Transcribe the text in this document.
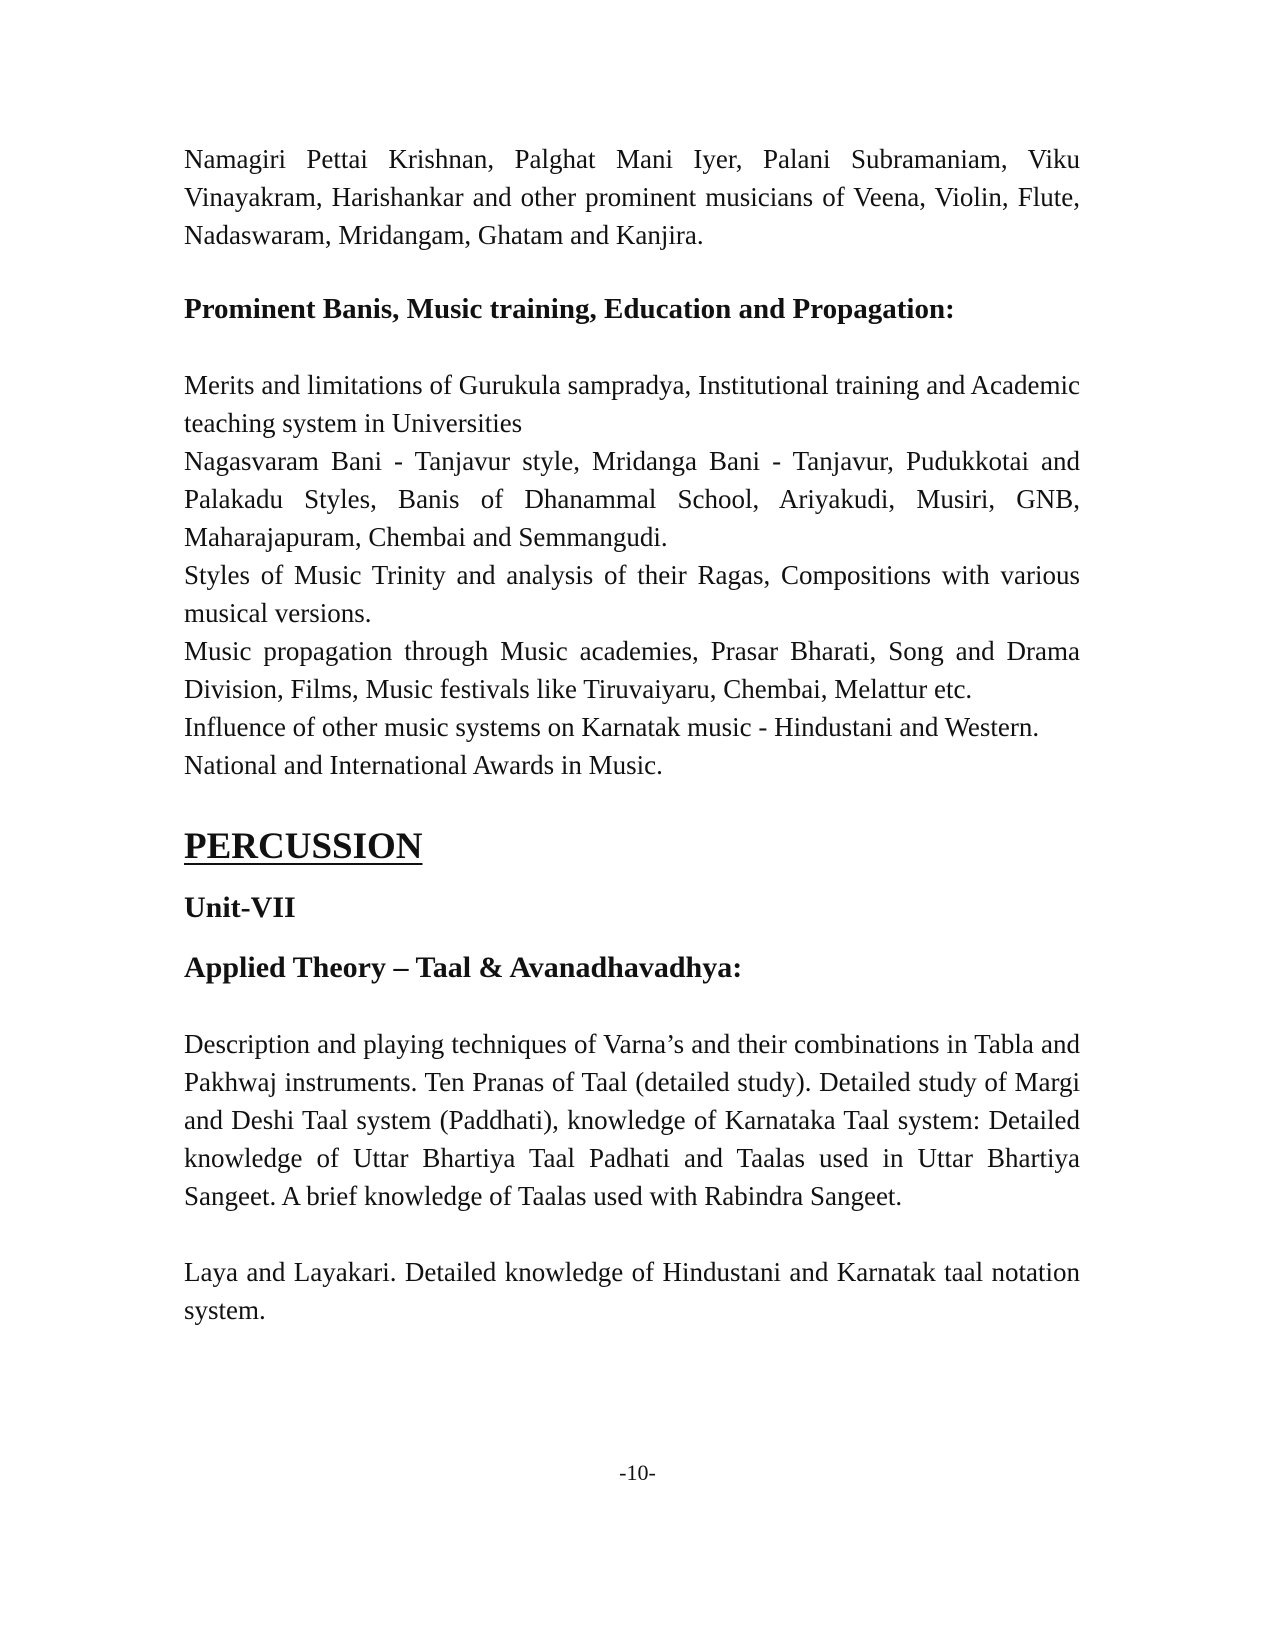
Namagiri Pettai Krishnan, Palghat Mani Iyer, Palani Subramaniam, Viku Vinayakram, Harishankar and other prominent musicians of Veena, Violin, Flute, Nadaswaram, Mridangam, Ghatam and Kanjira.

Prominent Banis, Music training, Education and Propagation:

Merits and limitations of Gurukula sampradya, Institutional training and Academic teaching system in Universities

Nagasvaram Bani - Tanjavur style, Mridanga Bani - Tanjavur, Pudukkotai and Palakadu Styles, Banis of Dhanammal School, Ariyakudi, Musiri, GNB, Maharajapuram, Chembai and Semmangudi.

Styles of Music Trinity and analysis of their Ragas, Compositions with various musical versions.

Music propagation through Music academies, Prasar Bharati, Song and Drama Division, Films, Music festivals like Tiruvaiyaru, Chembai, Melattur etc.

Influence of other music systems on Karnatak music - Hindustani and Western.

National and International Awards in Music.

PERCUSSION
Unit-VII
Applied Theory – Taal & Avanadhavadhya:

Description and playing techniques of Varna’s and their combinations in Tabla and Pakhwaj instruments. Ten Pranas of Taal (detailed study). Detailed study of Margi and Deshi Taal system (Paddhati), knowledge of Karnataka Taal system: Detailed knowledge of Uttar Bhartiya Taal Padhati and Taalas used in Uttar Bhartiya Sangeet. A brief knowledge of Taalas used with Rabindra Sangeet.

Laya and Layakari. Detailed knowledge of Hindustani and Karnatak taal notation system.

-10-
